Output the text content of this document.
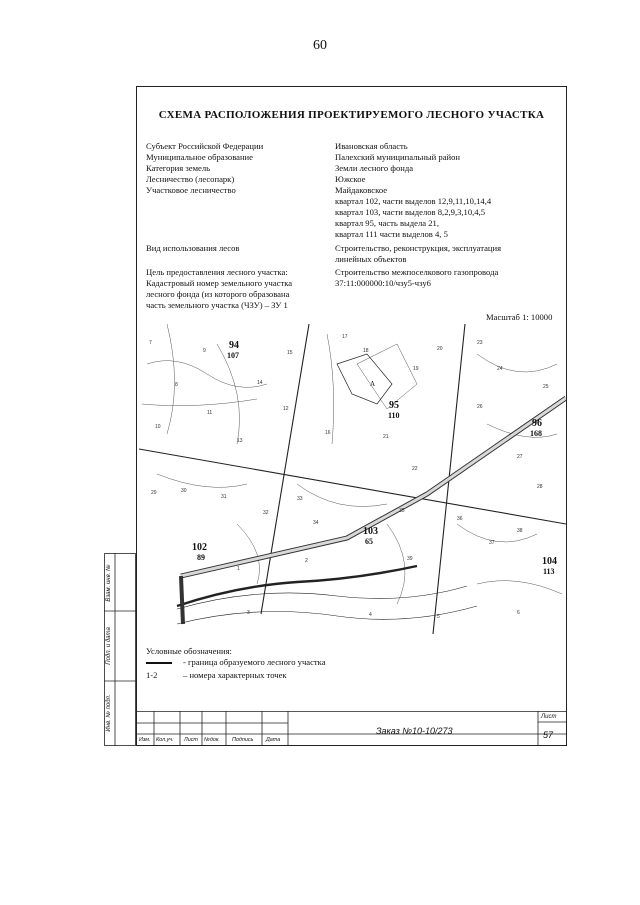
60
СХЕМА РАСПОЛОЖЕНИЯ ПРОЕКТИРУЕМОГО ЛЕСНОГО УЧАСТКА
Субъект Российской Федерации	Ивановская область
Муниципальное образование	Палехский муниципальный район
Категория земель	Земли лесного фонда
Лесничество (лесопарк)	Южское
Участковое лесничество	Майдаковское
квартал 102, части выделов 12,9,11,10,14,4
квартал 103, части выделов 8,2,9,3,10,4,5
квартал 95, часть выдела 21,
квартал 111 части выделов 4, 5
Вид использования лесов	Строительство, реконструкция, эксплуатация
линейных объектов
Цель предоставления лесного участка:	Строительство межпоселкового газопровода
Кадастровый номер земельного участка	37:11:000000:10/чзу5-чзу6
лесного фонда (из которого образована
часть земельного участка (ЧЗУ) – ЗУ 1
Масштаб 1: 10000
94
107
95
110
96
168
102
89
103
65
104
113
А
7
8
9
10
11
12
13
14
15
16
17
18
19
20
21
22
23
24
25
26
27
28
29	30
31
32
33
34
35
36
37
38
39
1
2
3	4	5
6
Условные обозначения:
- граница образуемого лесного участка
1-2	– номера характерных точек
Заказ №10-10/273
Лист
57
Изм. Кол.уч. Лист №док. Подпись Дата
Взам. инв. №
Подп. и дата
Инв. № подл.
